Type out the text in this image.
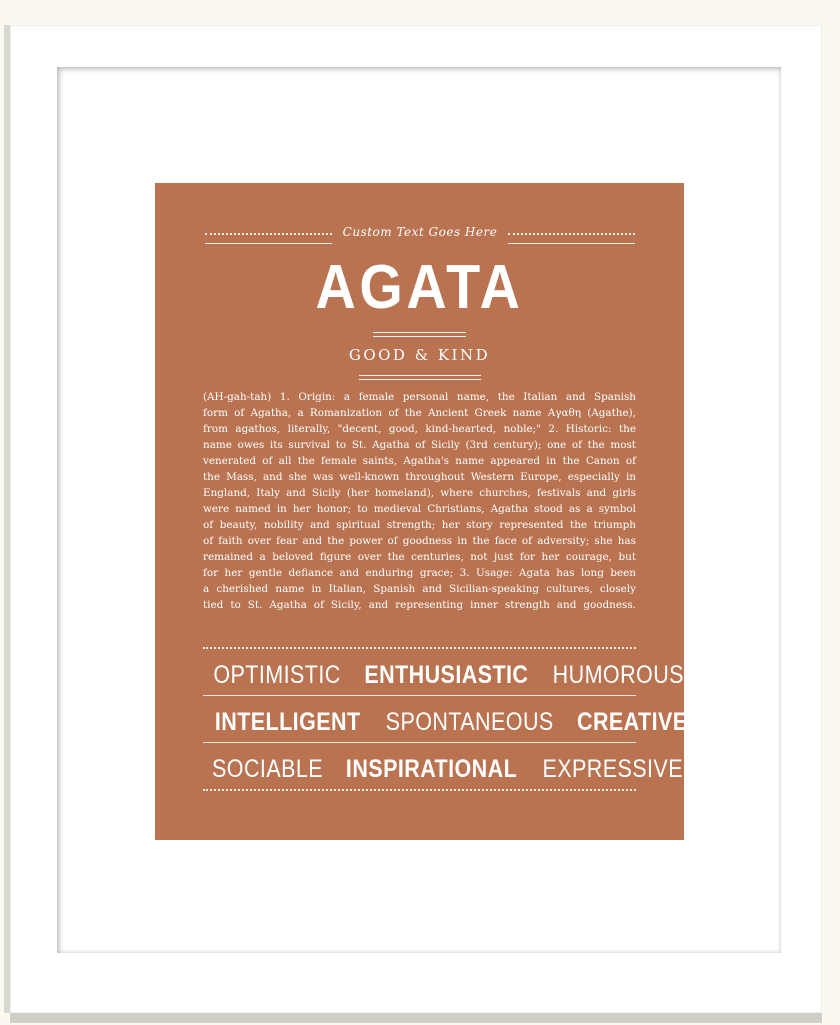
Custom Text Goes Here
AGATA
GOOD & KIND
(AH-gah-tah) 1. Origin: a female personal name, the Italian and Spanish
form of Agatha, a Romanization of the Ancient Greek name Αγαθη (Agathe),
from agathos, literally, "decent, good, kind-hearted, noble;" 2. Historic: the
name owes its survival to St. Agatha of Sicily (3rd century); one of the most
venerated of all the female saints, Agatha's name appeared in the Canon of
the Mass, and she was well-known throughout Western Europe, especially in
England, Italy and Sicily (her homeland), where churches, festivals and girls
were named in her honor; to medieval Christians, Agatha stood as a symbol
of beauty, nobility and spiritual strength; her story represented the triumph
of faith over fear and the power of goodness in the face of adversity; she has
remained a beloved figure over the centuries, not just for her courage, but
for her gentle defiance and enduring grace; 3. Usage: Agata has long been
a cherished name in Italian, Spanish and Sicilian-speaking cultures, closely
tied to St. Agatha of Sicily, and representing inner strength and goodness.
OPTIMISTIC ENTHUSIASTIC HUMOROUS
INTELLIGENT SPONTANEOUS CREATIVE
SOCIABLE INSPIRATIONAL EXPRESSIVE
